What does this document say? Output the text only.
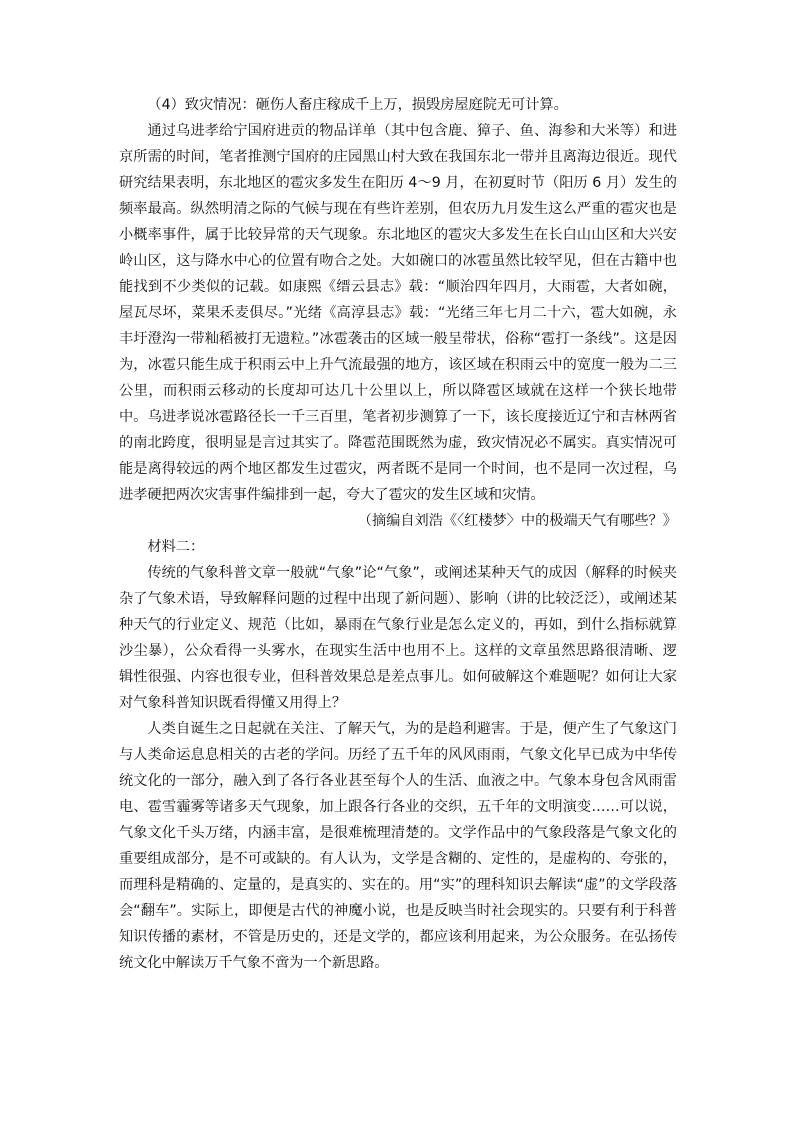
（4）致灾情况：砸伤人畜庄稼成千上万，损毁房屋庭院无可计算。

通过乌进孝给宁国府进贡的物品详单（其中包含鹿、獐子、鱼、海参和大米等）和进京所需的时间，笔者推测宁国府的庄园黑山村大致在我国东北一带并且离海边很近。现代研究结果表明，东北地区的雹灾多发生在阳历 4～9 月，在初夏时节（阳历 6 月）发生的频率最高。纵然明清之际的气候与现在有些许差别，但农历九月发生这么严重的雹灾也是小概率事件，属于比较异常的天气现象。东北地区的雹灾大多发生在长白山山区和大兴安岭山区，这与降水中心的位置有吻合之处。大如碗口的冰雹虽然比较罕见，但在古籍中也能找到不少类似的记载。如康熙《缙云县志》载：“顺治四年四月，大雨雹，大者如碗，屋瓦尽坏，菜果禾麦俱尽。”光绪《高淳县志》载：“光绪三年七月二十六，雹大如碗，永丰圩澄沟一带籼稻被打无遗粒。”冰雹袭击的区域一般呈带状，俗称“雹打一条线”。这是因为，冰雹只能生成于积雨云中上升气流最强的地方，该区域在积雨云中的宽度一般为二三公里，而积雨云移动的长度却可达几十公里以上，所以降雹区域就在这样一个狭长地带中。乌进孝说冰雹路径长一千三百里，笔者初步测算了一下，该长度接近辽宁和吉林两省的南北跨度，很明显是言过其实了。降雹范围既然为虚，致灾情况必不属实。真实情况可能是离得较远的两个地区都发生过雹灾，两者既不是同一个时间，也不是同一次过程，乌进孝硬把两次灾害事件编排到一起，夸大了雹灾的发生区域和灾情。

（摘编自刘浩《〈红楼梦〉中的极端天气有哪些？》

材料二：

传统的气象科普文章一般就“气象”论“气象”，或阐述某种天气的成因（解释的时候夹杂了气象术语，导致解释问题的过程中出现了新问题）、影响（讲的比较泛泛），或阐述某种天气的行业定义、规范（比如，暴雨在气象行业是怎么定义的，再如，到什么指标就算沙尘暴），公众看得一头雾水，在现实生活中也用不上。这样的文章虽然思路很清晰、逻辑性很强、内容也很专业，但科普效果总是差点事儿。如何破解这个难题呢？如何让大家对气象科普知识既看得懂又用得上？

人类自诞生之日起就在关注、了解天气，为的是趋利避害。于是，便产生了气象这门与人类命运息息相关的古老的学问。历经了五千年的风风雨雨，气象文化早已成为中华传统文化的一部分，融入到了各行各业甚至每个人的生活、血液之中。气象本身包含风雨雷电、雹雪霾雾等诸多天气现象，加上跟各行各业的交织，五千年的文明演变……可以说，气象文化千头万绪，内涵丰富，是很难梳理清楚的。文学作品中的气象段落是气象文化的重要组成部分，是不可或缺的。有人认为，文学是含糊的、定性的，是虚构的、夸张的，而理科是精确的、定量的，是真实的、实在的。用“实”的理科知识去解读“虚”的文学段落会“翻车”。实际上，即便是古代的神魔小说，也是反映当时社会现实的。只要有利于科普知识传播的素材，不管是历史的，还是文学的，都应该利用起来，为公众服务。在弘扬传统文化中解读万千气象不啻为一个新思路。
